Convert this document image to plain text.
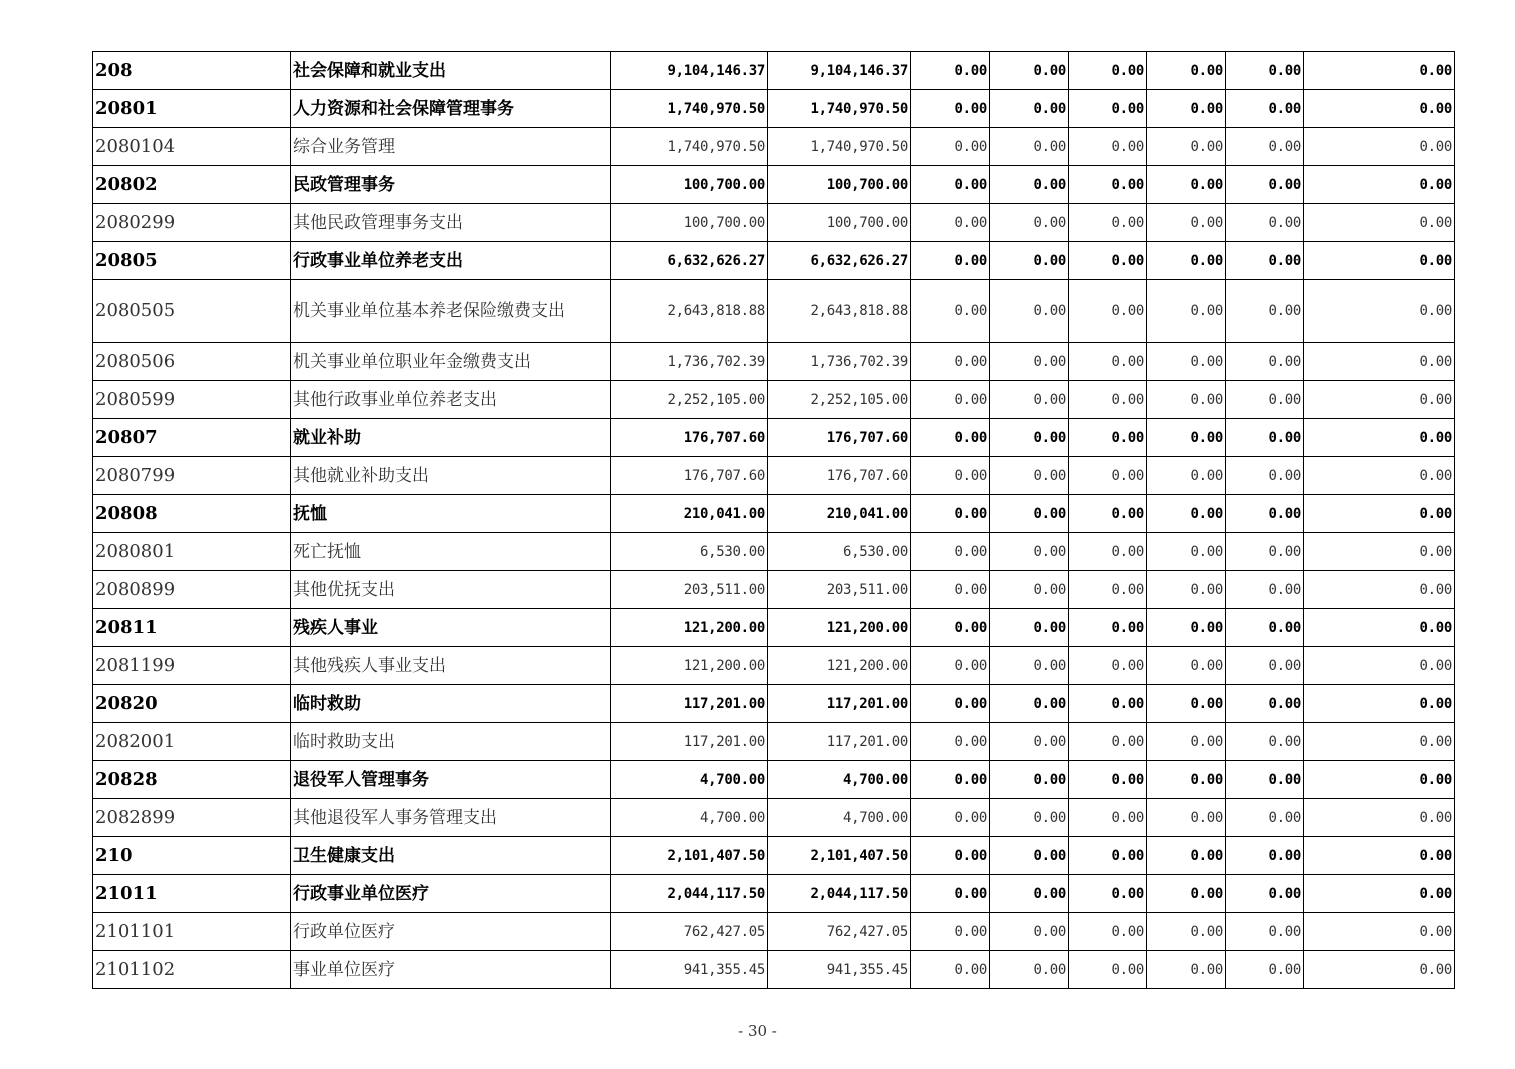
208	社会保障和就业支出	9,104,146.37	9,104,146.37	0.00	0.00	0.00	0.00	0.00	0.00
20801	人力资源和社会保障管理事务	1,740,970.50	1,740,970.50	0.00	0.00	0.00	0.00	0.00	0.00
2080104	综合业务管理	1,740,970.50	1,740,970.50	0.00	0.00	0.00	0.00	0.00	0.00
20802	民政管理事务	100,700.00	100,700.00	0.00	0.00	0.00	0.00	0.00	0.00
2080299	其他民政管理事务支出	100,700.00	100,700.00	0.00	0.00	0.00	0.00	0.00	0.00
20805	行政事业单位养老支出	6,632,626.27	6,632,626.27	0.00	0.00	0.00	0.00	0.00	0.00
2080505	机关事业单位基本养老保险缴费支出	2,643,818.88	2,643,818.88	0.00	0.00	0.00	0.00	0.00	0.00
2080506	机关事业单位职业年金缴费支出	1,736,702.39	1,736,702.39	0.00	0.00	0.00	0.00	0.00	0.00
2080599	其他行政事业单位养老支出	2,252,105.00	2,252,105.00	0.00	0.00	0.00	0.00	0.00	0.00
20807	就业补助	176,707.60	176,707.60	0.00	0.00	0.00	0.00	0.00	0.00
2080799	其他就业补助支出	176,707.60	176,707.60	0.00	0.00	0.00	0.00	0.00	0.00
20808	抚恤	210,041.00	210,041.00	0.00	0.00	0.00	0.00	0.00	0.00
2080801	死亡抚恤	6,530.00	6,530.00	0.00	0.00	0.00	0.00	0.00	0.00
2080899	其他优抚支出	203,511.00	203,511.00	0.00	0.00	0.00	0.00	0.00	0.00
20811	残疾人事业	121,200.00	121,200.00	0.00	0.00	0.00	0.00	0.00	0.00
2081199	其他残疾人事业支出	121,200.00	121,200.00	0.00	0.00	0.00	0.00	0.00	0.00
20820	临时救助	117,201.00	117,201.00	0.00	0.00	0.00	0.00	0.00	0.00
2082001	临时救助支出	117,201.00	117,201.00	0.00	0.00	0.00	0.00	0.00	0.00
20828	退役军人管理事务	4,700.00	4,700.00	0.00	0.00	0.00	0.00	0.00	0.00
2082899	其他退役军人事务管理支出	4,700.00	4,700.00	0.00	0.00	0.00	0.00	0.00	0.00
210	卫生健康支出	2,101,407.50	2,101,407.50	0.00	0.00	0.00	0.00	0.00	0.00
21011	行政事业单位医疗	2,044,117.50	2,044,117.50	0.00	0.00	0.00	0.00	0.00	0.00
2101101	行政单位医疗	762,427.05	762,427.05	0.00	0.00	0.00	0.00	0.00	0.00
2101102	事业单位医疗	941,355.45	941,355.45	0.00	0.00	0.00	0.00	0.00	0.00
- 30 -
